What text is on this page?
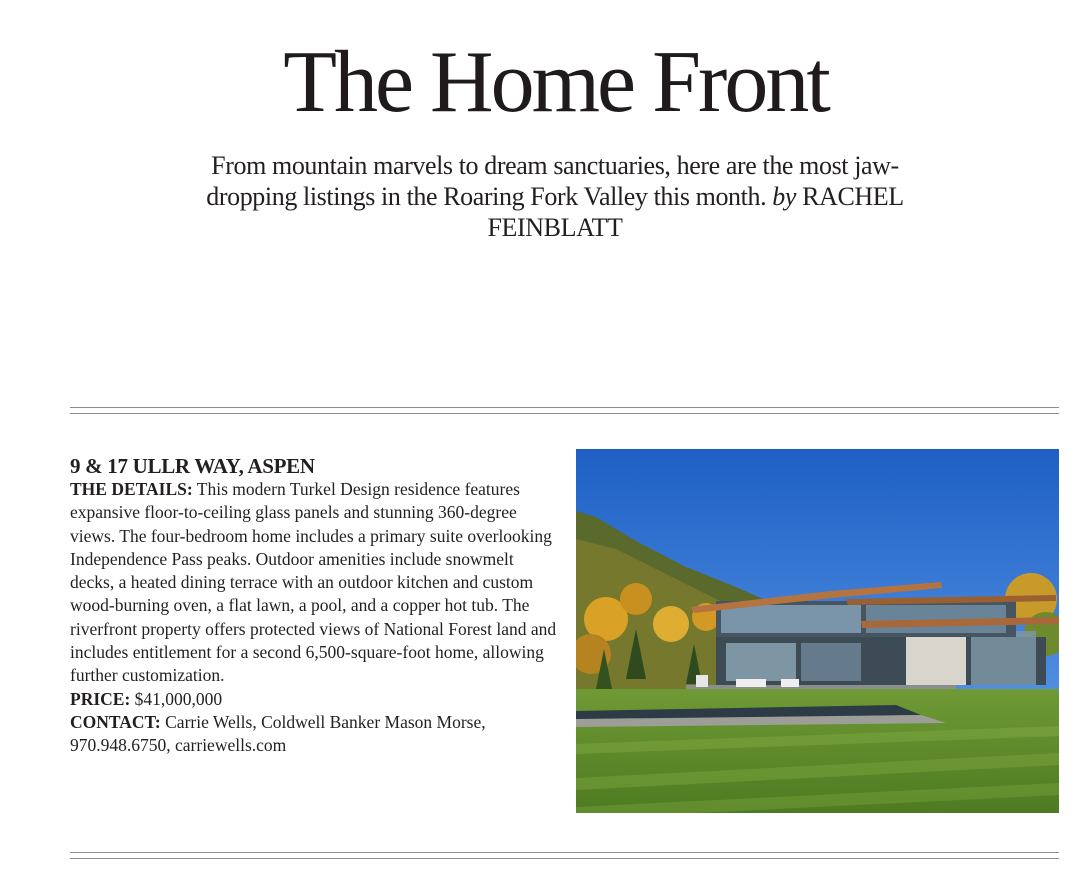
The Home Front
From mountain marvels to dream sanctuaries, here are the most jaw-dropping listings in the Roaring Fork Valley this month. by RACHEL FEINBLATT
9 & 17 ULLR WAY, ASPEN
THE DETAILS: This modern Turkel Design residence features expansive floor-to-ceiling glass panels and stunning 360-degree views. The four-bedroom home includes a primary suite overlooking Independence Pass peaks. Outdoor amenities include snowmelt decks, a heated dining terrace with an outdoor kitchen and custom wood-burning oven, a flat lawn, a pool, and a copper hot tub. The riverfront property offers protected views of National Forest land and includes entitlement for a second 6,500-square-foot home, allowing further customization.
PRICE: $41,000,000
CONTACT: Carrie Wells, Coldwell Banker Mason Morse, 970.948.6750, carriewells.com
